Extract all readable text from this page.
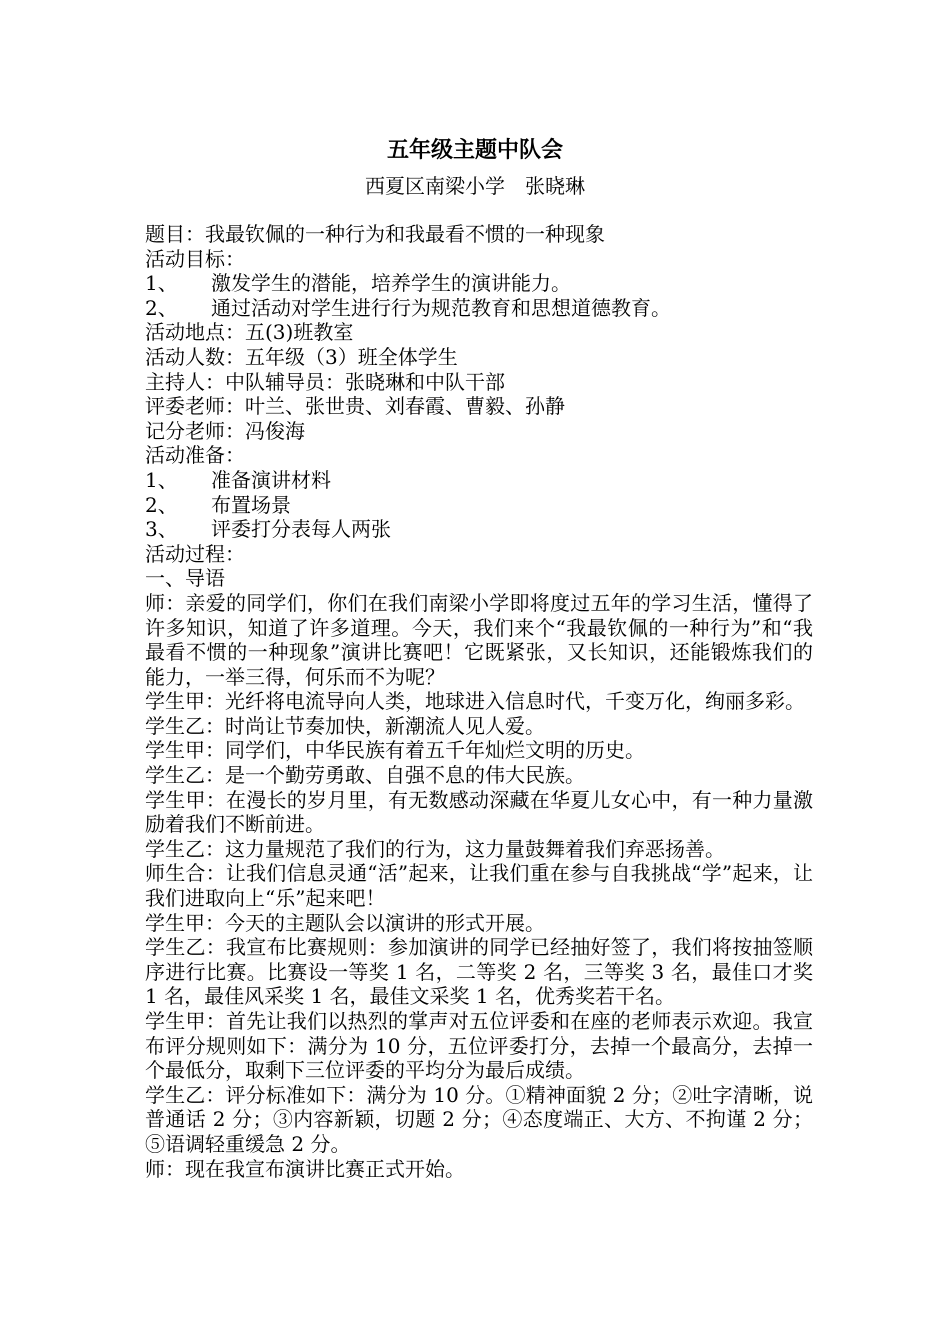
五年级主题中队会
西夏区南梁小学　张晓琳

题目：我最钦佩的一种行为和我最看不惯的一种现象

活动目标：

1、 激发学生的潜能，培养学生的演讲能力。

2、 通过活动对学生进行行为规范教育和思想道德教育。

活动地点：五(3)班教室

活动人数：五年级（3）班全体学生

主持人：中队辅导员：张晓琳和中队干部

评委老师：叶兰、张世贵、刘春霞、曹毅、孙静

记分老师：冯俊海

活动准备：

1、 准备演讲材料

2、 布置场景

3、 评委打分表每人两张

活动过程：

一、导语

师：亲爱的同学们，你们在我们南梁小学即将度过五年的学习生活，懂得了许多知识，知道了许多道理。今天，我们来个“我最钦佩的一种行为”和“我最看不惯的一种现象”演讲比赛吧！它既紧张，又长知识，还能锻炼我们的能力，一举三得，何乐而不为呢？

学生甲：光纤将电流导向人类，地球进入信息时代，千变万化，绚丽多彩。

学生乙：时尚让节奏加快，新潮流人见人爱。

学生甲：同学们，中华民族有着五千年灿烂文明的历史。

学生乙：是一个勤劳勇敢、自强不息的伟大民族。

学生甲：在漫长的岁月里，有无数感动深藏在华夏儿女心中，有一种力量激励着我们不断前进。

学生乙：这力量规范了我们的行为，这力量鼓舞着我们弃恶扬善。

师生合：让我们信息灵通“活”起来，让我们重在参与自我挑战“学”起来，让我们进取向上“乐”起来吧！

学生甲：今天的主题队会以演讲的形式开展。

学生乙：我宣布比赛规则：参加演讲的同学已经抽好签了，我们将按抽签顺序进行比赛。比赛设一等奖 1 名，二等奖 2 名，三等奖 3 名，最佳口才奖 1 名，最佳风采奖 1 名，最佳文采奖 1 名，优秀奖若干名。

学生甲：首先让我们以热烈的掌声对五位评委和在座的老师表示欢迎。我宣布评分规则如下：满分为 10 分，五位评委打分，去掉一个最高分，去掉一个最低分，取剩下三位评委的平均分为最后成绩。

学生乙：评分标准如下：满分为 10 分。①精神面貌 2 分；②吐字清晰，说普通话 2 分；③内容新颖，切题 2 分；④态度端正、大方、不拘谨 2 分；⑤语调轻重缓急 2 分。

师：现在我宣布演讲比赛正式开始。
